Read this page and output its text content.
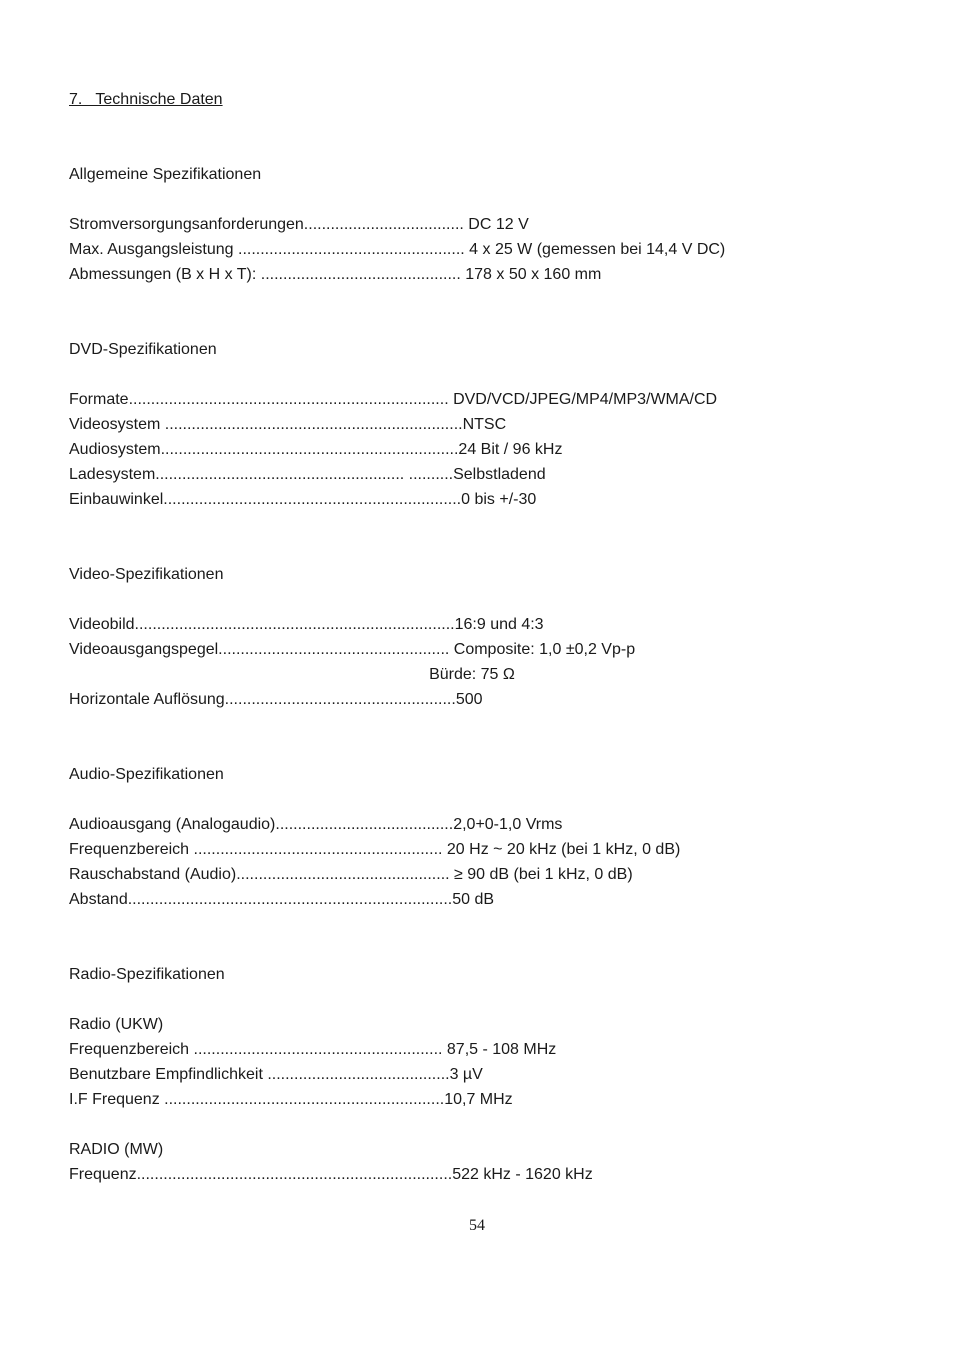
7.   Technische Daten
Allgemeine Spezifikationen
Stromversorgungsanforderungen.................................... DC 12 V
Max. Ausgangsleistung ................................................... 4 x 25 W (gemessen bei 14,4 V DC)
Abmessungen (B x H x T): ............................................. 178 x 50 x 160 mm
DVD-Spezifikationen
Formate........................................................................ DVD/VCD/JPEG/MP4/MP3/WMA/CD
Videosystem ...................................................................NTSC
Audiosystem...................................................................24 Bit / 96 kHz
Ladesystem........................................................ ..........Selbstladend
Einbauwinkel...................................................................0 bis +/-30
Video-Spezifikationen
Videobild........................................................................16:9 und 4:3
Videoausgangspegel.................................................... Composite: 1,0 ±0,2 Vp-p
Bürde: 75 Ω
Horizontale Auflösung....................................................500
Audio-Spezifikationen
Audioausgang (Analogaudio)........................................2,0+0-1,0 Vrms
Frequenzbereich ........................................................ 20 Hz ~ 20 kHz (bei 1 kHz, 0 dB)
Rauschabstand (Audio)................................................ ≥ 90 dB (bei 1 kHz, 0 dB)
Abstand.........................................................................50 dB
Radio-Spezifikationen
Radio (UKW)
Frequenzbereich ........................................................ 87,5 - 108 MHz
Benutzbare Empfindlichkeit .........................................3 µV
I.F Frequenz ...............................................................10,7 MHz
RADIO (MW)
Frequenz.......................................................................522 kHz - 1620 kHz
54
